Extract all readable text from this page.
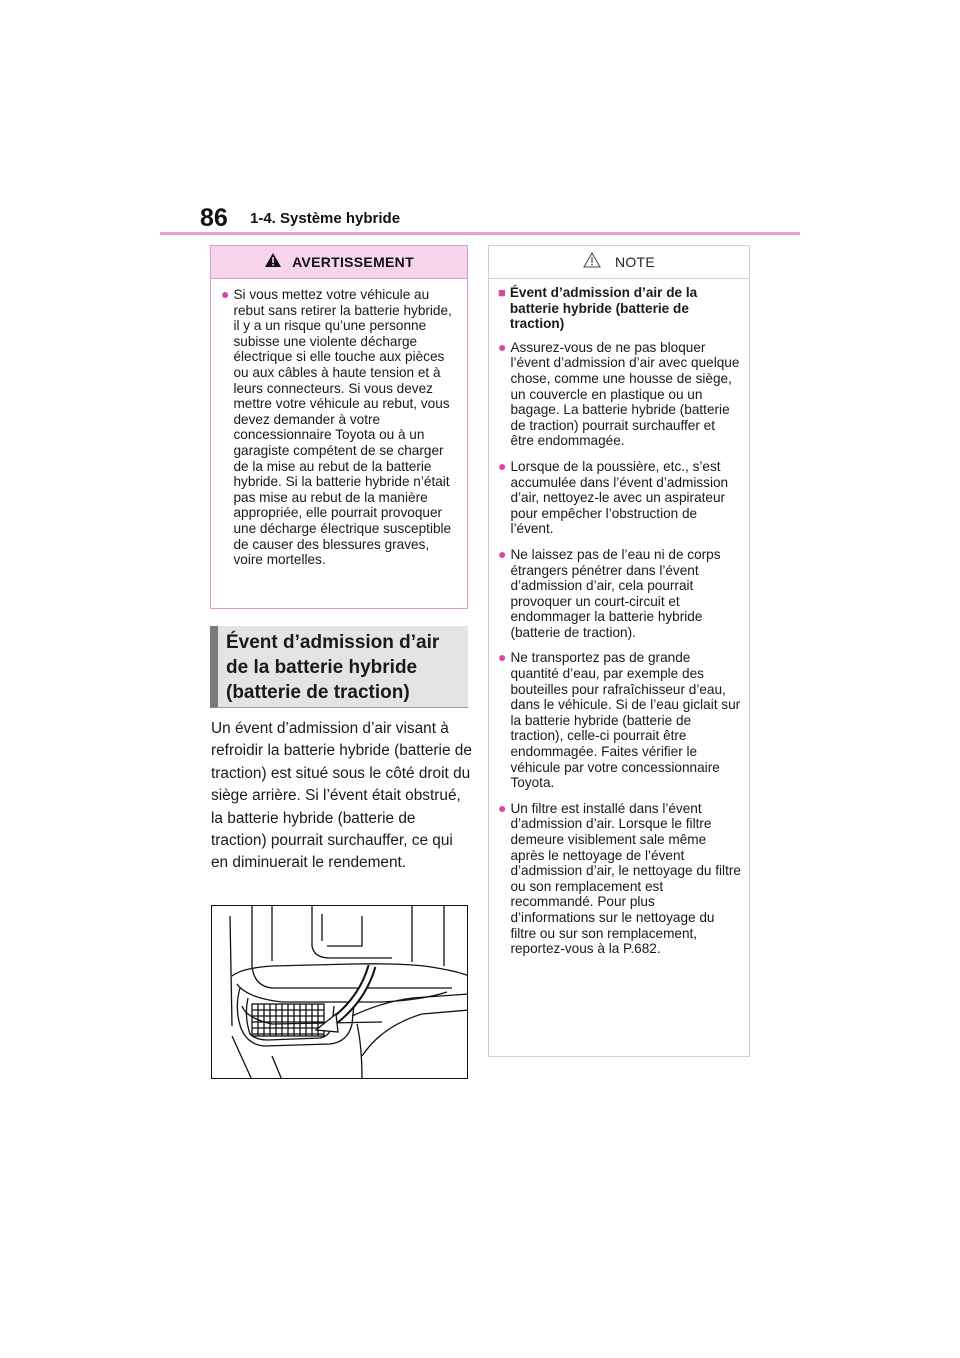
86 1-4. Système hybride
AVERTISSEMENT
● Si vous mettez votre véhicule au rebut sans retirer la batterie hybride, il y a un risque qu’une personne subisse une violente décharge électrique si elle touche aux pièces ou aux câbles à haute tension et à leurs connecteurs. Si vous devez mettre votre véhicule au rebut, vous devez demander à votre concessionnaire Toyota ou à un garagiste compétent de se charger de la mise au rebut de la batterie hybride. Si la batterie hybride n’était pas mise au rebut de la manière appropriée, elle pourrait provoquer une décharge électrique susceptible de causer des blessures graves, voire mortelles.
Évent d’admission d’air de la batterie hybride (batterie de traction)
Un évent d’admission d’air visant à refroidir la batterie hybride (batterie de traction) est situé sous le côté droit du siège arrière. Si l’évent était obstrué, la batterie hybride (batterie de traction) pourrait surchauffer, ce qui en diminuerait le rendement.
NOTE
■ Évent d’admission d’air de la batterie hybride (batterie de traction)
● Assurez-vous de ne pas bloquer l’évent d’admission d’air avec quelque chose, comme une housse de siège, un couvercle en plastique ou un bagage. La batterie hybride (batterie de traction) pourrait surchauffer et être endommagée.
● Lorsque de la poussière, etc., s’est accumulée dans l’évent d’admission d’air, nettoyez-le avec un aspirateur pour empêcher l’obstruction de l’évent.
● Ne laissez pas de l’eau ni de corps étrangers pénétrer dans l’évent d’admission d’air, cela pourrait provoquer un court-circuit et endommager la batterie hybride (batterie de traction).
● Ne transportez pas de grande quantité d’eau, par exemple des bouteilles pour rafraîchisseur d’eau, dans le véhicule. Si de l’eau giclait sur la batterie hybride (batterie de traction), celle-ci pourrait être endommagée. Faites vérifier le véhicule par votre concessionnaire Toyota.
● Un filtre est installé dans l’évent d’admission d’air. Lorsque le filtre demeure visiblement sale même après le nettoyage de l’évent d’admission d’air, le nettoyage du filtre ou son remplacement est recommandé. Pour plus d’informations sur le nettoyage du filtre ou sur son remplacement, reportez-vous à la P.682.
